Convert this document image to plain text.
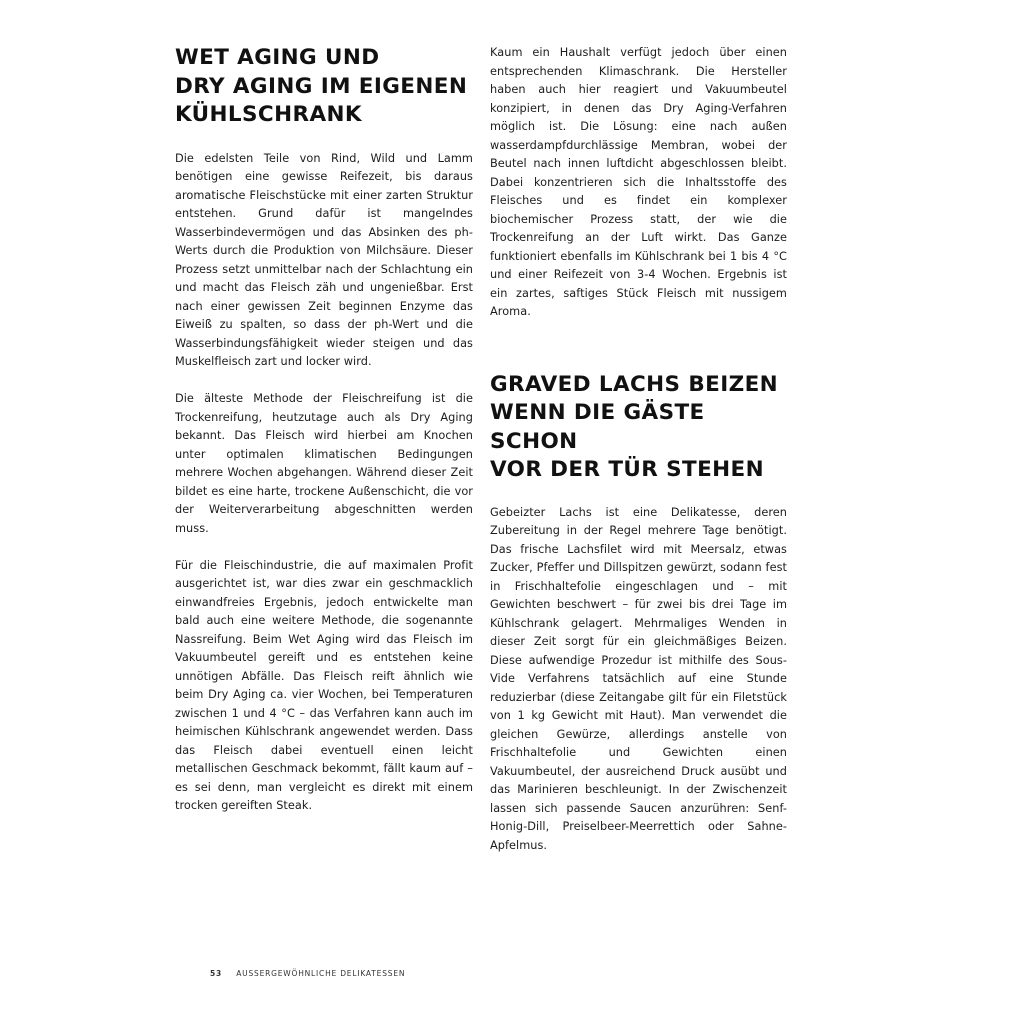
WET AGING UND
DRY AGING IM EIGENEN
KÜHLSCHRANK

Die edelsten Teile von Rind, Wild und Lamm benötigen eine gewisse Reifezeit, bis daraus aromatische Fleischstücke mit einer zarten Struktur entstehen. Grund dafür ist mangelndes Wasserbindevermögen und das Absinken des ph-Werts durch die Produktion von Milchsäure. Dieser Prozess setzt unmittelbar nach der Schlachtung ein und macht das Fleisch zäh und ungenießbar. Erst nach einer gewissen Zeit beginnen Enzyme das Eiweiß zu spalten, so dass der ph-Wert und die Wasserbindungsfähigkeit wieder steigen und das Muskelfleisch zart und locker wird.

Die älteste Methode der Fleischreifung ist die Trockenreifung, heutzutage auch als Dry Aging bekannt. Das Fleisch wird hierbei am Knochen unter optimalen klimatischen Bedingungen mehrere Wochen abgehangen. Während dieser Zeit bildet es eine harte, trockene Außenschicht, die vor der Weiterverarbeitung abgeschnitten werden muss.

Für die Fleischindustrie, die auf maximalen Profit ausgerichtet ist, war dies zwar ein geschmacklich einwandfreies Ergebnis, jedoch entwickelte man bald auch eine weitere Methode, die sogenannte Nassreifung. Beim Wet Aging wird das Fleisch im Vakuumbeutel gereift und es entstehen keine unnötigen Abfälle. Das Fleisch reift ähnlich wie beim Dry Aging ca. vier Wochen, bei Temperaturen zwischen 1 und 4 °C – das Verfahren kann auch im heimischen Kühlschrank angewendet werden. Dass das Fleisch dabei eventuell einen leicht metallischen Geschmack bekommt, fällt kaum auf – es sei denn, man vergleicht es direkt mit einem trocken gereiften Steak.

Kaum ein Haushalt verfügt jedoch über einen entsprechenden Klimaschrank. Die Hersteller haben auch hier reagiert und Vakuumbeutel konzipiert, in denen das Dry Aging-Verfahren möglich ist. Die Lösung: eine nach außen wasserdampfdurchlässige Membran, wobei der Beutel nach innen luftdicht abgeschlossen bleibt. Dabei konzentrieren sich die Inhaltsstoffe des Fleisches und es findet ein komplexer biochemischer Prozess statt, der wie die Trockenreifung an der Luft wirkt. Das Ganze funktioniert ebenfalls im Kühlschrank bei 1 bis 4 °C und einer Reifezeit von 3-4 Wochen. Ergebnis ist ein zartes, saftiges Stück Fleisch mit nussigem Aroma.

GRAVED LACHS BEIZEN
WENN DIE GÄSTE SCHON
VOR DER TÜR STEHEN

Gebeizter Lachs ist eine Delikatesse, deren Zubereitung in der Regel mehrere Tage benötigt. Das frische Lachsfilet wird mit Meersalz, etwas Zucker, Pfeffer und Dillspitzen gewürzt, sodann fest in Frischhaltefolie eingeschlagen und – mit Gewichten beschwert – für zwei bis drei Tage im Kühlschrank gelagert. Mehrmaliges Wenden in dieser Zeit sorgt für ein gleichmäßiges Beizen. Diese aufwendige Prozedur ist mithilfe des Sous-Vide Verfahrens tatsächlich auf eine Stunde reduzierbar (diese Zeitangabe gilt für ein Filetstück von 1 kg Gewicht mit Haut). Man verwendet die gleichen Gewürze, allerdings anstelle von Frischhaltefolie und Gewichten einen Vakuumbeutel, der ausreichend Druck ausübt und das Marinieren beschleunigt. In der Zwischenzeit lassen sich passende Saucen anzurühren: Senf-Honig-Dill, Preiselbeer-Meerrettich oder Sahne-Apfelmus.

53 AUSSERGEWÖHNLICHE DELIKATESSEN
